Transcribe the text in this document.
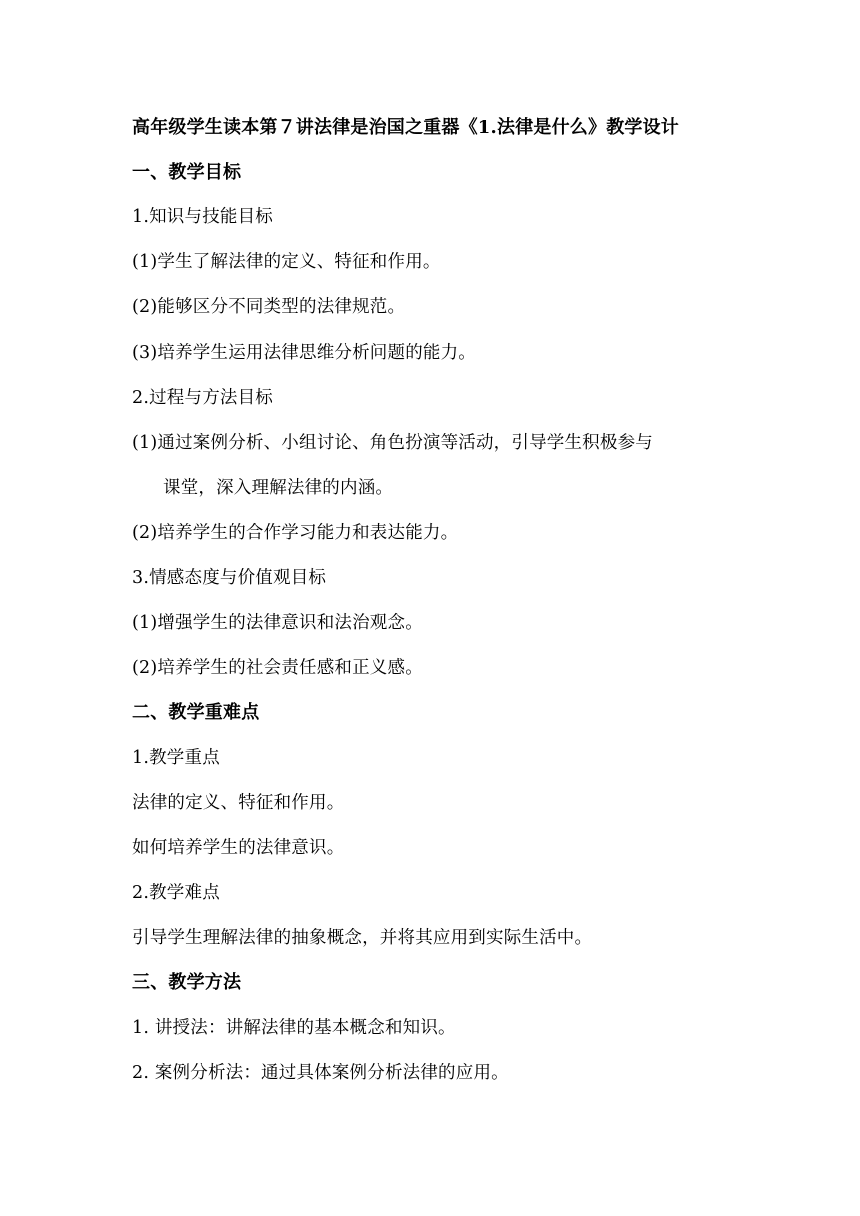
高年级学生读本第７讲法律是治国之重器《1.法律是什么》教学设计
一、教学目标
1.知识与技能目标
(1)学生了解法律的定义、特征和作用。
(2)能够区分不同类型的法律规范。
(3)培养学生运用法律思维分析问题的能力。
2.过程与方法目标
(1)通过案例分析、小组讨论、角色扮演等活动，引导学生积极参与
课堂，深入理解法律的内涵。
(2)培养学生的合作学习能力和表达能力。
3.情感态度与价值观目标
(1)增强学生的法律意识和法治观念。
(2)培养学生的社会责任感和正义感。
二、教学重难点
1.教学重点
法律的定义、特征和作用。
如何培养学生的法律意识。
2.教学难点
引导学生理解法律的抽象概念，并将其应用到实际生活中。
三、教学方法
1. 讲授法：讲解法律的基本概念和知识。
2. 案例分析法：通过具体案例分析法律的应用。
